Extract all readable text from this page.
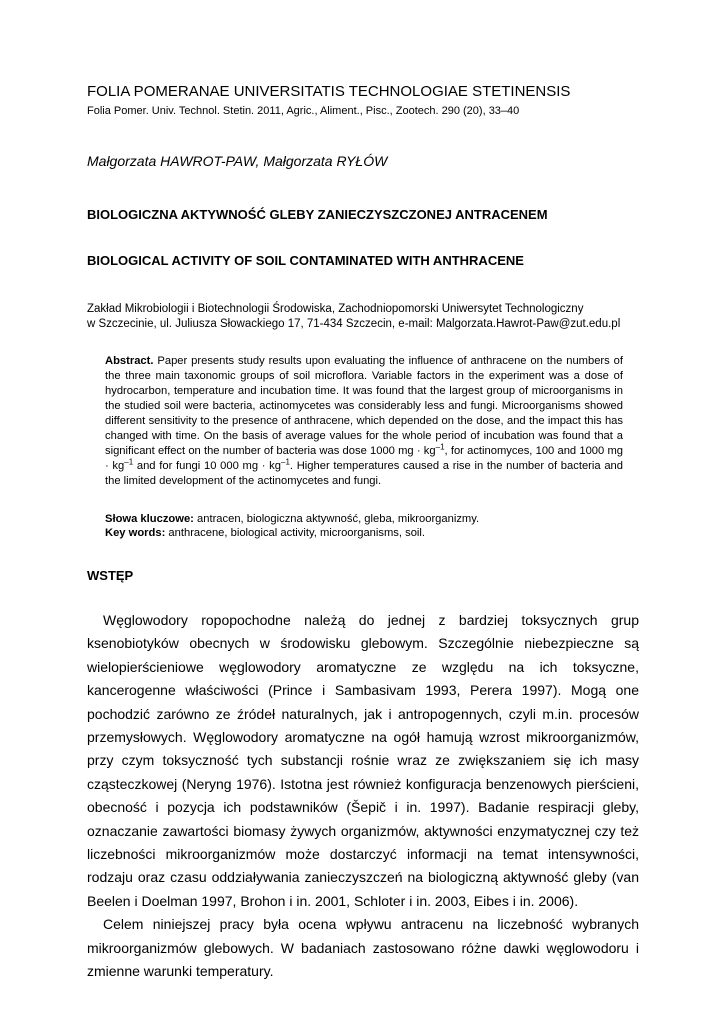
FOLIA POMERANAE UNIVERSITATIS TECHNOLOGIAE STETINENSIS
Folia Pomer. Univ. Technol. Stetin. 2011, Agric., Aliment., Pisc., Zootech. 290 (20), 33–40
Małgorzata HAWROT-PAW, Małgorzata RYŁÓW
BIOLOGICZNA AKTYWNOŚĆ GLEBY ZANIECZYSZCZONEJ ANTRACENEM
BIOLOGICAL ACTIVITY OF SOIL CONTAMINATED WITH ANTHRACENE
Zakład Mikrobiologii i Biotechnologii Środowiska, Zachodniopomorski Uniwersytet Technologiczny
w Szczecinie, ul. Juliusza Słowackiego 17, 71-434 Szczecin, e-mail: Malgorzata.Hawrot-Paw@zut.edu.pl
Abstract. Paper presents study results upon evaluating the influence of anthracene on the numbers of the three main taxonomic groups of soil microflora. Variable factors in the experiment was a dose of hydrocarbon, temperature and incubation time. It was found that the largest group of microorganisms in the studied soil were bacteria, actinomycetes was considerably less and fungi. Microorganisms showed different sensitivity to the presence of anthracene, which depended on the dose, and the impact this has changed with time. On the basis of average values for the whole period of incubation was found that a significant effect on the number of bacteria was dose 1000 mg · $kg^{-1}$, for actinomyces, 100 and 1000 mg · $kg^{-1}$ and for fungi 10 000 mg · $kg^{-1}$. Higher temperatures caused a rise in the number of bacteria and the limited development of the actinomycetes and fungi.
Słowa kluczowe: antracen, biologiczna aktywność, gleba, mikroorganizmy.
Key words: anthracene, biological activity, microorganisms, soil.
WSTĘP

Węglowodory ropopochodne należą do jednej z bardziej toksycznych grup ksenobiotyków obecnych w środowisku glebowym. Szczególnie niebezpieczne są wielopierścieniowe węglowodory aromatyczne ze względu na ich toksyczne, kancerogenne właściwości (Prince i Sambasivam 1993, Perera 1997). Mogą one pochodzić zarówno ze źródeł naturalnych, jak i antropogennych, czyli m.in. procesów przemysłowych. Węglowodory aromatyczne na ogół hamują wzrost mikroorganizmów, przy czym toksyczność tych substancji rośnie wraz ze zwiększaniem się ich masy cząsteczkowej (Neryng 1976). Istotna jest również konfiguracja benzenowych pierścieni, obecność i pozycja ich podstawników (Šepič i in. 1997). Badanie respiracji gleby, oznaczanie zawartości biomasy żywych organizmów, aktywności enzymatycznej czy też liczebności mikroorganizmów może dostarczyć informacji na temat intensywności, rodzaju oraz czasu oddziaływania zanieczyszczeń na biologiczną aktywność gleby (van Beelen i Doelman 1997, Brohon i in. 2001, Schloter i in. 2003, Eibes i in. 2006).

Celem niniejszej pracy była ocena wpływu antracenu na liczebność wybranych mikroorganizmów glebowych. W badaniach zastosowano różne dawki węglowodoru i zmienne warunki temperatury.
